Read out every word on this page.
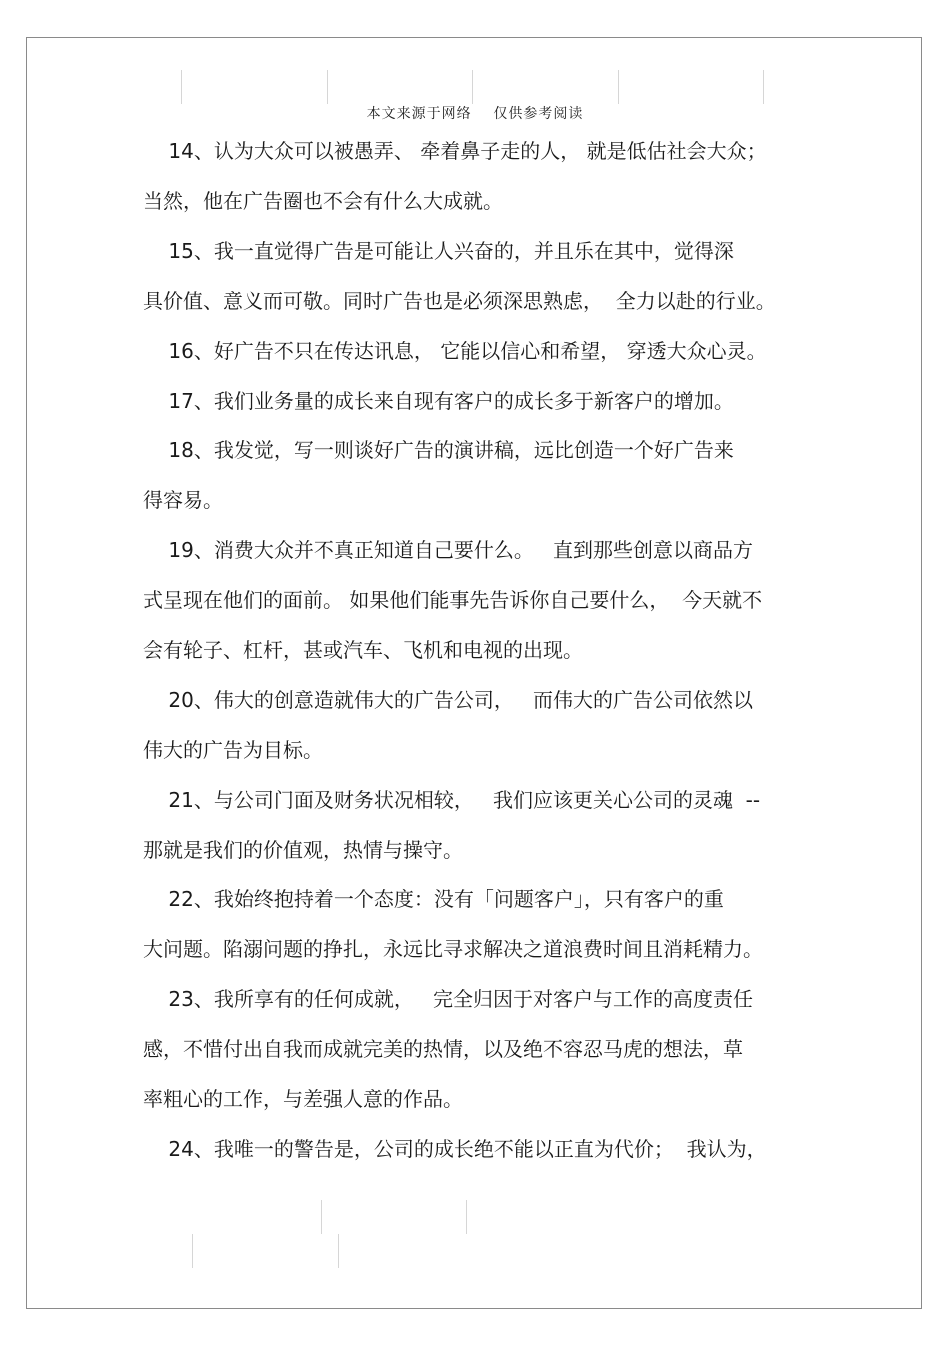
本文来源于网络    仅供参考阅读
14、认为大众可以被愚弄、 牵着鼻子走的人， 就是低估社会大众；
当然，他在广告圈也不会有什么大成就。
15、我一直觉得广告是可能让人兴奋的，并且乐在其中，觉得深
具价值、意义而可敬。同时广告也是必须深思熟虑，  全力以赴的行业。
16、好广告不只在传达讯息， 它能以信心和希望， 穿透大众心灵。
17、我们业务量的成长来自现有客户的成长多于新客户的增加。
18、我发觉，写一则谈好广告的演讲稿，远比创造一个好广告来
得容易。
19、消费大众并不真正知道自己要什么。   直到那些创意以商品方
式呈现在他们的面前。 如果他们能事先告诉你自己要什么，  今天就不
会有轮子、杠杆，甚或汽车、飞机和电视的出现。
20、伟大的创意造就伟大的广告公司，   而伟大的广告公司依然以
伟大的广告为目标。
21、与公司门面及财务状况相较，   我们应该更关心公司的灵魂  --
那就是我们的价值观，热情与操守。
22、我始终抱持着一个态度：没有「问题客户」，只有客户的重
大问题。陷溺问题的挣扎，永远比寻求解决之道浪费时间且消耗精力。
23、我所享有的任何成就，   完全归因于对客户与工作的高度责任
感，不惜付出自我而成就完美的热情，以及绝不容忍马虎的想法，草
率粗心的工作，与差强人意的作品。
24、我唯一的警告是，公司的成长绝不能以正直为代价；  我认为，
